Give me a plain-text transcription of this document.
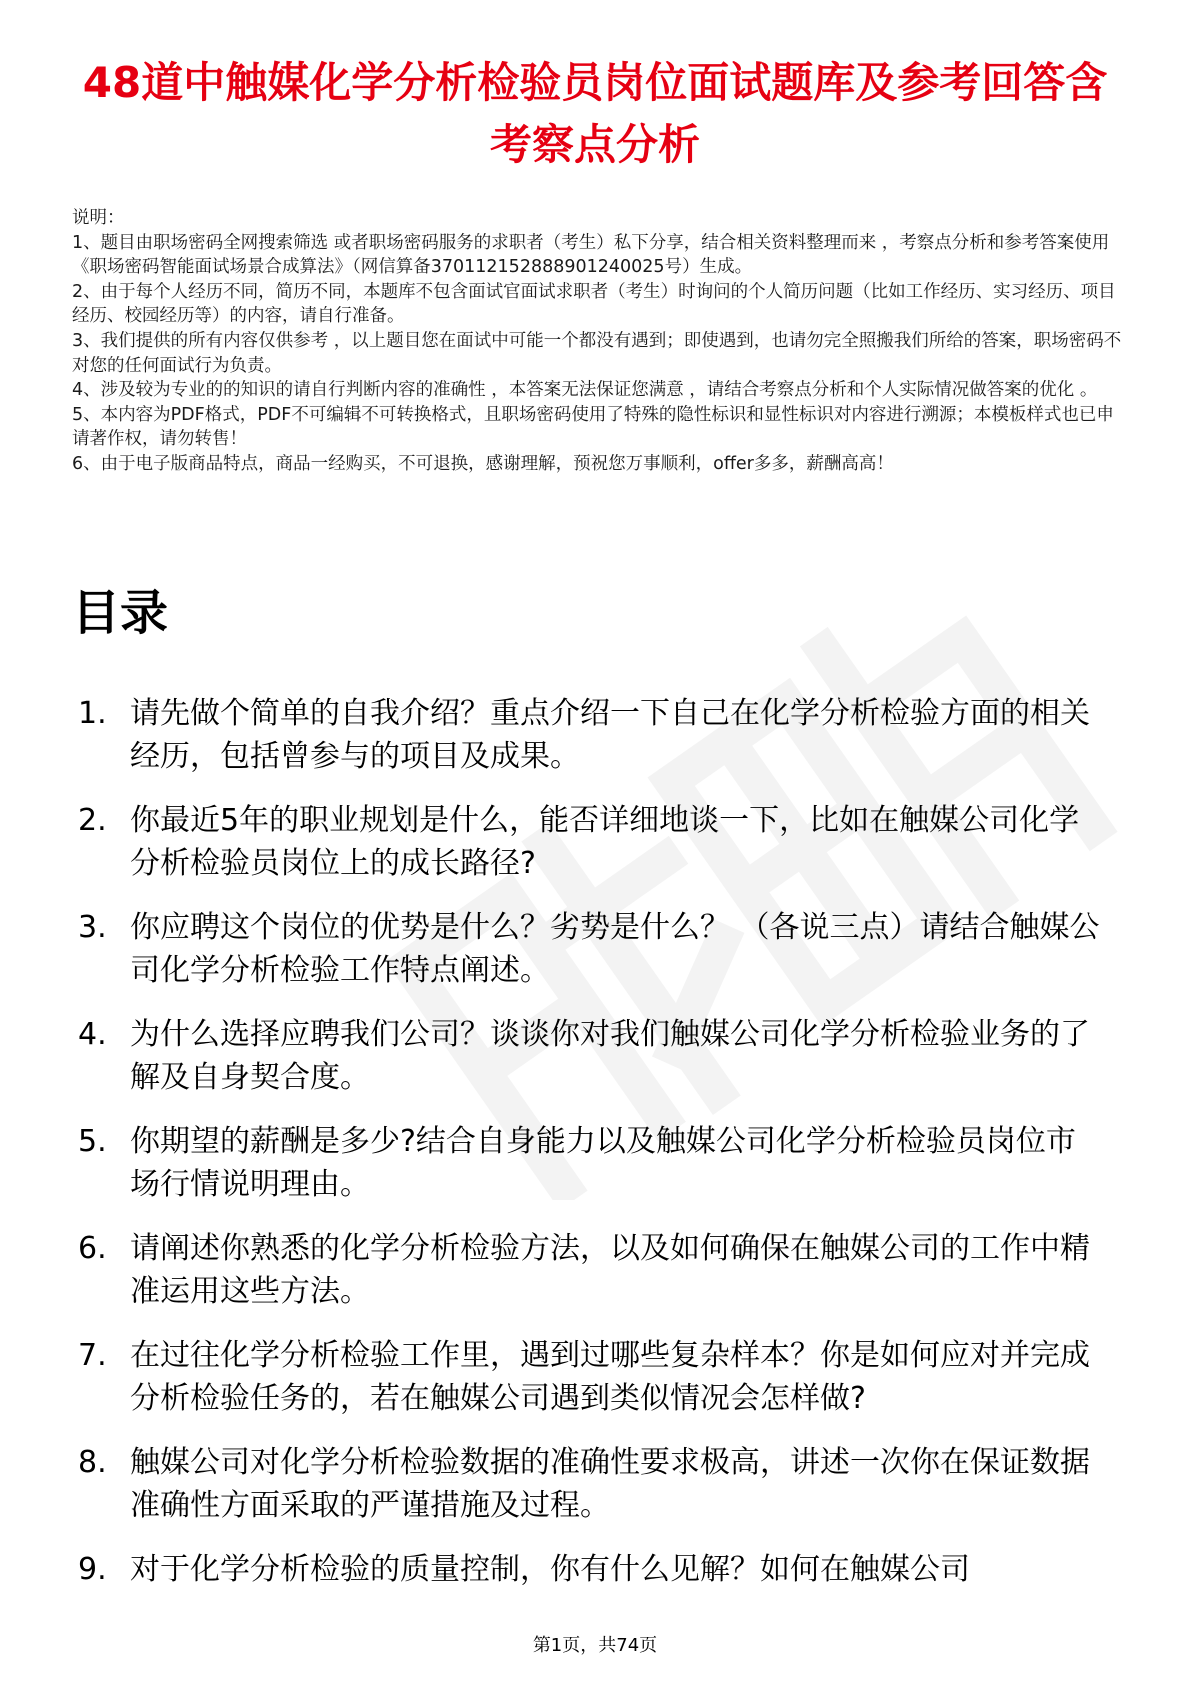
48道中触媒化学分析检验员岗位面试题库及参考回答含考察点分析

说明：

1、题目由职场密码全网搜索筛选 或者职场密码服务的求职者（考生）私下分享，结合相关资料整理而来 ，考察点分析和参考答案使用《职场密码智能面试场景合成算法》（网信算备370112152888901240025号）生成。

2、由于每个人经历不同，简历不同，本题库不包含面试官面试求职者（考生）时询问的个人简历问题（比如工作经历、实习经历、项目经历、校园经历等）的内容，请自行准备。

3、我们提供的所有内容仅供参考 ，以上题目您在面试中可能一个都没有遇到；即使遇到，也请勿完全照搬我们所给的答案，职场密码不对您的任何面试行为负责。

4、涉及较为专业的的知识的请自行判断内容的准确性 ，本答案无法保证您满意 ，请结合考察点分析和个人实际情况做答案的优化 。

5、本内容为PDF格式，PDF不可编辑不可转换格式，且职场密码使用了特殊的隐性标识和显性标识对内容进行溯源；本模板样式也已申请著作权，请勿转售！

6、由于电子版商品特点，商品一经购买，不可退换，感谢理解，预祝您万事顺利，offer多多，薪酬高高！

目录
1. 请先做个简单的自我介绍？重点介绍一下自己在化学分析检验方面的相关经历，包括曾参与的项目及成果。
2. 你最近5年的职业规划是什么，能否详细地谈一下，比如在触媒公司化学分析检验员岗位上的成长路径?
3. 你应聘这个岗位的优势是什么？劣势是什么？ （各说三点）请结合触媒公司化学分析检验工作特点阐述。
4. 为什么选择应聘我们公司？谈谈你对我们触媒公司化学分析检验业务的了解及自身契合度。
5. 你期望的薪酬是多少?结合自身能力以及触媒公司化学分析检验员岗位市场行情说明理由。
6. 请阐述你熟悉的化学分析检验方法，以及如何确保在触媒公司的工作中精准运用这些方法。
7. 在过往化学分析检验工作里，遇到过哪些复杂样本？你是如何应对并完成分析检验任务的，若在触媒公司遇到类似情况会怎样做?
8. 触媒公司对化学分析检验数据的准确性要求极高，讲述一次你在保证数据准确性方面采取的严谨措施及过程。
9. 对于化学分析检验的质量控制，你有什么见解？如何在触媒公司
第1页，共74页
